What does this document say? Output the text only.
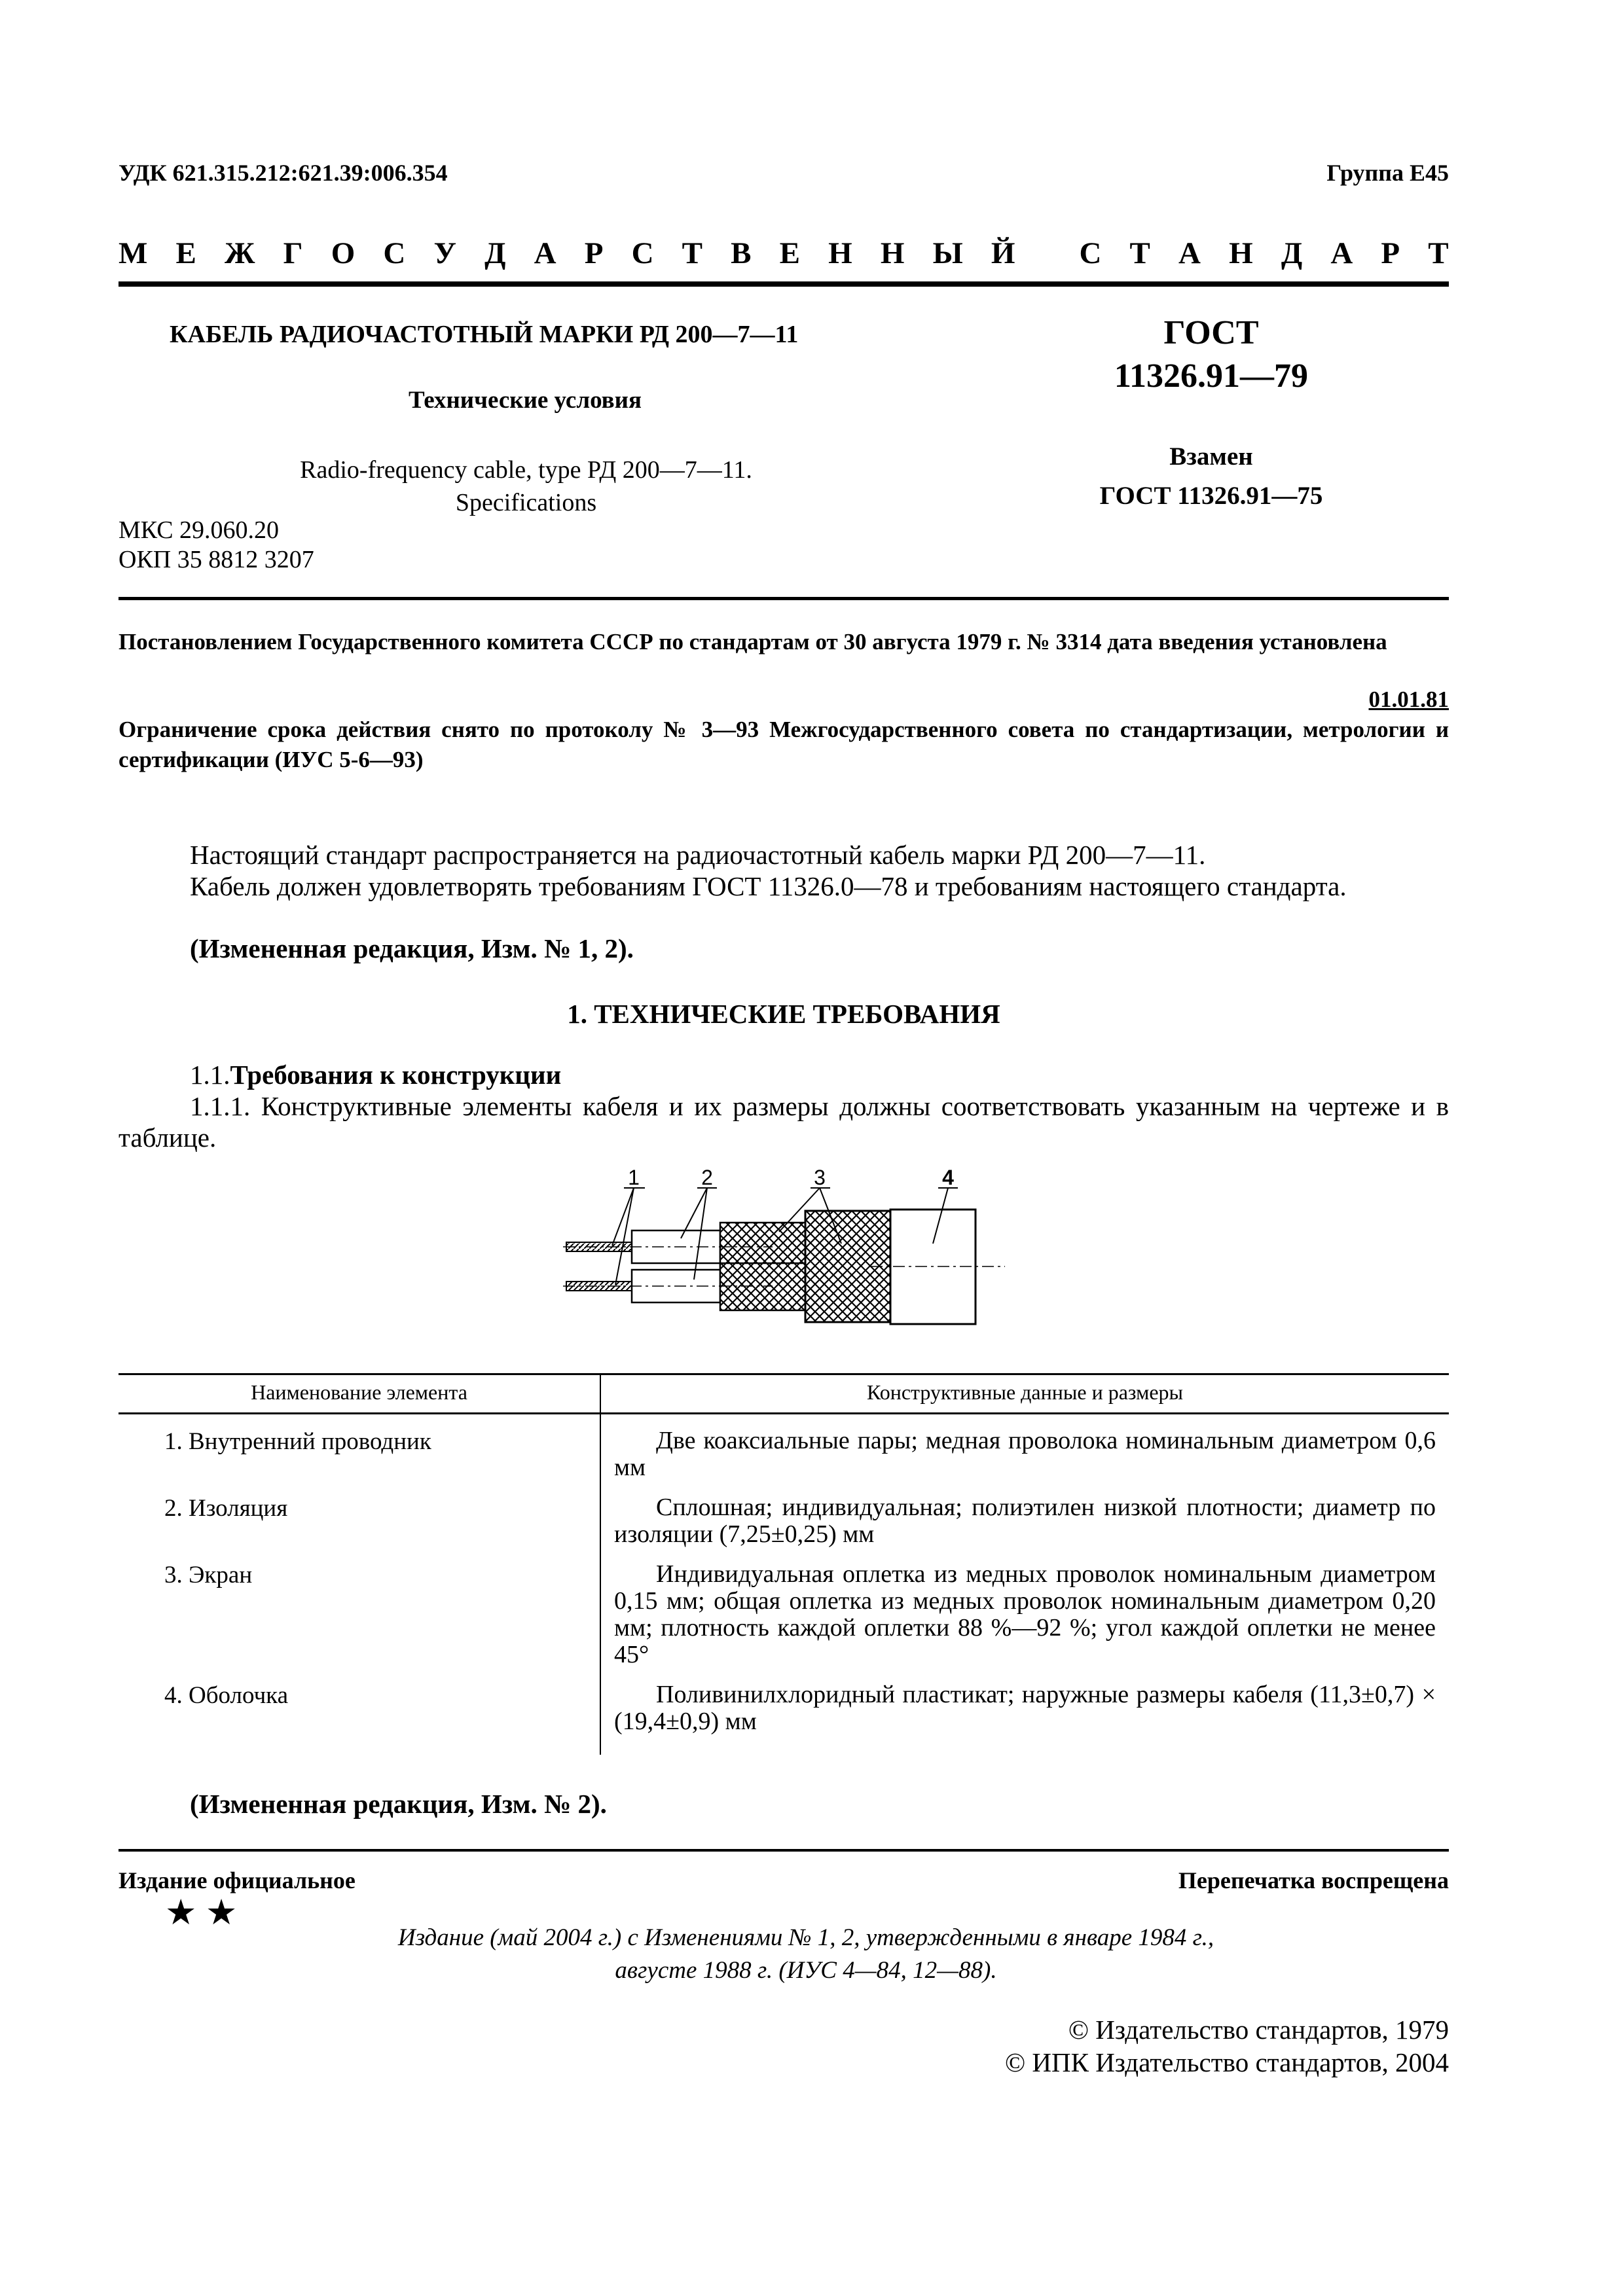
УДК 621.315.212:621.39:006.354	Группа Е45
М Е Ж Г О С У Д А Р С Т В Е Н Н Ы Й
С Т А Н Д А Р Т
КАБЕЛЬ РАДИОЧАСТОТНЫЙ МАРКИ РД 200—7—11
Технические условия
Radio-frequency cable, type РД 200—7—11.
Specifications
МКС 29.060.20
ОКП 35 8812 3207
ГОСТ
11326.91—79
Взамен
ГОСТ 11326.91—75
Постановлением Государственного комитета СССР по стандартам от 30 августа 1979 г. № 3314 дата введения установлена
01.01.81
Ограничение срока действия снято по протоколу № 3—93 Межгосударственного совета по стандартизации, метрологии и сертификации (ИУС 5-6—93)
Настоящий стандарт распространяется на радиочастотный кабель марки РД 200—7—11.
Кабель должен удовлетворять требованиям ГОСТ 11326.0—78 и требованиям настоящего стандарта.
(Измененная редакция, Изм. № 1, 2).
1. ТЕХНИЧЕСКИЕ ТРЕБОВАНИЯ
1.1.Требования к конструкции
1.1.1. Конструктивные элементы кабеля и их размеры должны соответствовать указанным на чертеже и в таблице.
1	2	3	4
Наименование элемента	Конструктивные данные и размеры
1. Внутренний проводник	Две коаксиальные пары; медная проволока номинальным диаметром 0,6 мм

2. Изоляция	Сплошная; индивидуальная; полиэтилен низкой плотности; диаметр по изоляции (7,25±0,25) мм

3. Экран	Индивидуальная оплетка из медных проволок номинальным диаметром 0,15 мм; общая оплетка из медных проволок номинальным диаметром 0,20 мм; плотность каждой оплетки 88 %—92 %; угол каждой оплетки не менее 45°

4. Оболочка	Поливинилхлоридный пластикат; наружные размеры кабеля (11,3±0,7) × (19,4±0,9) мм
(Измененная редакция, Изм. № 2).
Издание официальное	Перепечатка воспрещена
★ ★
Издание (май 2004 г.) с Изменениями № 1, 2, утвержденными в январе 1984 г.,
августе 1988 г. (ИУС 4—84, 12—88).
© Издательство стандартов, 1979
© ИПК Издательство стандартов, 2004
